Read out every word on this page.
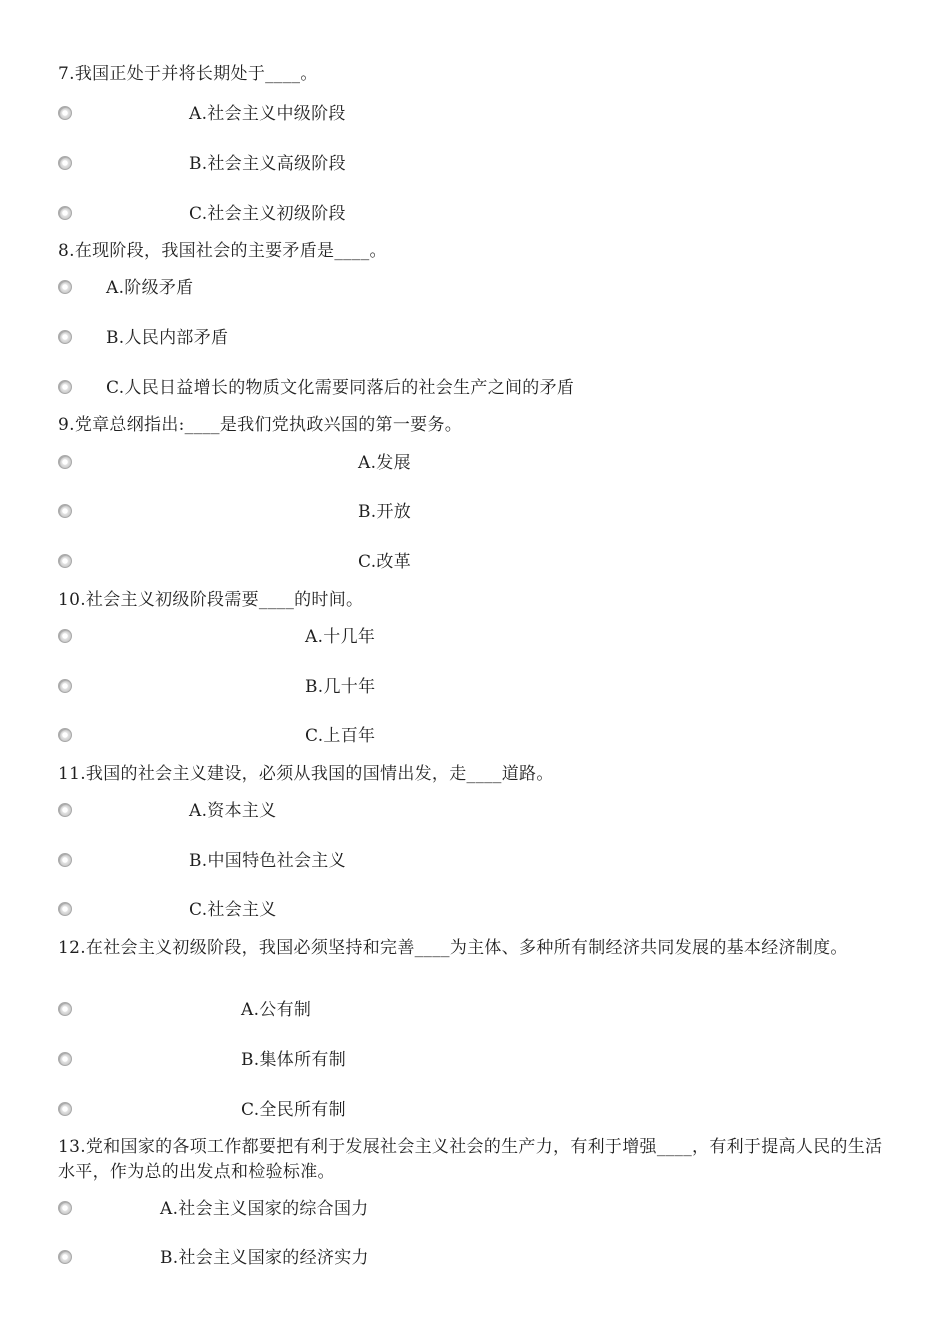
7.我国正处于并将长期处于____。
A.社会主义中级阶段
B.社会主义高级阶段
C.社会主义初级阶段
8.在现阶段，我国社会的主要矛盾是____。
A.阶级矛盾
B.人民内部矛盾
C.人民日益增长的物质文化需要同落后的社会生产之间的矛盾
9.党章总纲指出:____是我们党执政兴国的第一要务。
A.发展
B.开放
C.改革
10.社会主义初级阶段需要____的时间。
A.十几年
B.几十年
C.上百年
11.我国的社会主义建设，必须从我国的国情出发，走____道路。
A.资本主义
B.中国特色社会主义
C.社会主义
12.在社会主义初级阶段，我国必须坚持和完善____为主体、多种所有制经济共同发展的基本经济制度。
A.公有制
B.集体所有制
C.全民所有制
13.党和国家的各项工作都要把有利于发展社会主义社会的生产力，有利于增强____，有利于提高人民的生活水平，作为总的出发点和检验标准。
A.社会主义国家的综合国力
B.社会主义国家的经济实力
